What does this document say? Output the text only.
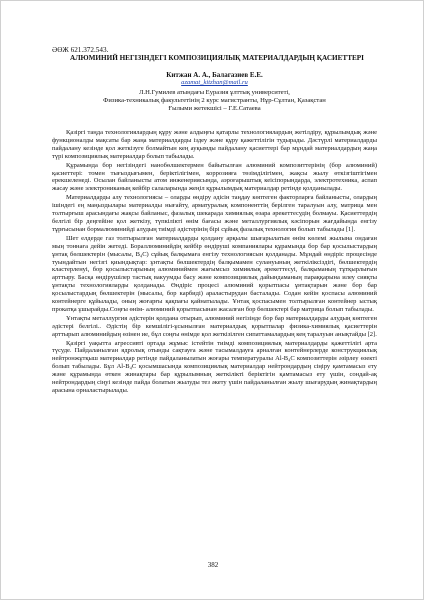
ӘӨЖ 621.372.543.
АЛЮМИНИЙ НЕГІЗІНДЕГІ КОМПОЗИЦИЯЛЫҚ МАТЕРИАЛДАРДЫҢ ҚАСИЕТТЕРІ
Китжан А. А., Балагазиев Е.Е.
azamat_kitzhan@mail.ru
Л.Н.Гумилев атындағы Еуразия ұлттық университеті,
Физика-техникалық факультетінің 2 курс магистранты, Нұр-Сұлтан, Қазақстан
Ғылыми жетекшісі – Г.Е.Сатаева

Қазіргі таңда технологиялардың құру және алдыңғы қатарлы технологиялардың жетілдіру, құрылымдық және функционалды мақсаты бар жаңа материалдарды іздеу және құру қажеттілігін тудырады. Дәстүрлі материалдарды пайдалану кезінде қол жеткізуге болмайтын кең ауқымды пайдалану қасиеттері бар мұндай материалдардың жаңа түрі композициялық материалдар болып табылады.

Құрамында бор негізіндегі нанобөлшектермен байытылған алюминий композиттерінің (бор алюминий) қасиеттері: томен тығыздығымен, беріктілігімен, коррозияға төзімділігімен, жақсы жылу өткізгіштігімен ерекшеленеді. Осылан байланысты атом инженериясында, аэроғарыштық кеісіпорындарда, электротехника, аспап жасау және электрониканың кейбір салаларында жеңіл құрылымдық материалдар ретінде қолданылады.

Материалдарды алу технологиясы – оларды өндіру әдісін таңдау көптеген факторларға байланысты, олардың ішіндегі ең маңыздылары материалды нығайту, арматуралық компоненттің берілген таралуын алу, матрица мен толтырғыш арасындағы жақсы байланыс, фазалық шекарада химиялық өзара әрекеттесудің болмауы. Қасиеттердің белгілі бір деңгейіне қол жеткізу, түпкілікті өнім бағасы және металлургиялық кәсіпорын жағдайында енгізу тұрғысынан бормалюминийді алудың тиімді әдістерінің бірі сұйық фазалық технология болып табылады [1].

Шет елдерде газ толтырылған материалдарды қолдану арқылы шығарылатын өнім көлемі жылына ондаған мың тоннаға дейін жетеді. Бораллюминийдің кейбір өндіруші компаниялары құрамында бор бар қосылыстардың ұнтақ бөлшектерін (мысалы, B₄C) сұйық балқымаға енгізу технологиясын қолданады. Мұндай өндіріс процесінде туындайтын негізгі қиындықтар: ұнтақты бөлшектердің балқымамен сулануының жеткіліксіздігі, бөлшектердің кластерленуі, бор қосылыстарының алюминиймен жағымсыз химиялық әрекеттесуі, балқыманың тұтқырлығын арттыру. Басқа өндірушілер тастық вакуумды басу және композициялық дайындаманың параққарына илеу сияқты ұнтақты технологияларды қолданады. Өндіріс процесі алюминий қорытпасы ұнтақтарын және бор бар қосылыстардың бөлшектерін (мысалы, бор карбиді) араластырудан басталады. Содан кейін қоспасы алюминий контейнерге құйылады, оның жоғарғы қақпағы қайнатылады. Ұнтақ қоспасымен толтырылған контейнер ыстық прокатқа ұшырайды.Соңғы өнім- алюминий қорытпасынан жасалған бор бөлшектері бар матрица болып табылады.

Ұнтақты металлургия әдістерін қолдана отырып, алюминий негізінде бор бар материалдарды алудың көптеген әдістері белгілі.. Әдістің бір кемшілігі-ұсынылған материалдық қорытпалар физика-химиялық қасиеттерін арттырып алюминийдың өзінен ие, бұл соңғы өнімде қол жеткізілген сипаттамалардың кең таралуын анықтайды [2].

Қазіргі уақытта агрессивті ортада жұмыс істейтін тиімді композициялық материалдарды қажеттілігі арта түсуде. Пайдаланылған ядролық отынды сақтауға және тасымалдауға арналған контейнерлерде конструкциялық нейтронжұтқыш материалдар ретінде пайдаланылатын жоғары температуралы Al-B₄C композиттерін әзірлеу өзекті болып табылады. Бұл Al-B₄C қосымшасында композициялық материалдар нейтрондардың сіңіру қамтамасыз ету және құрамында өткен жинақтары бар құрылымның жеткілікті беріктігін қамтамасыз ету үшін, сондай-ақ нейтрондардың сіңуі кезінде пайда болатын жылуды тез әкету үшін пайдаланылған жылу шығарудың жинақтардың арасына орналастырылады.

382
